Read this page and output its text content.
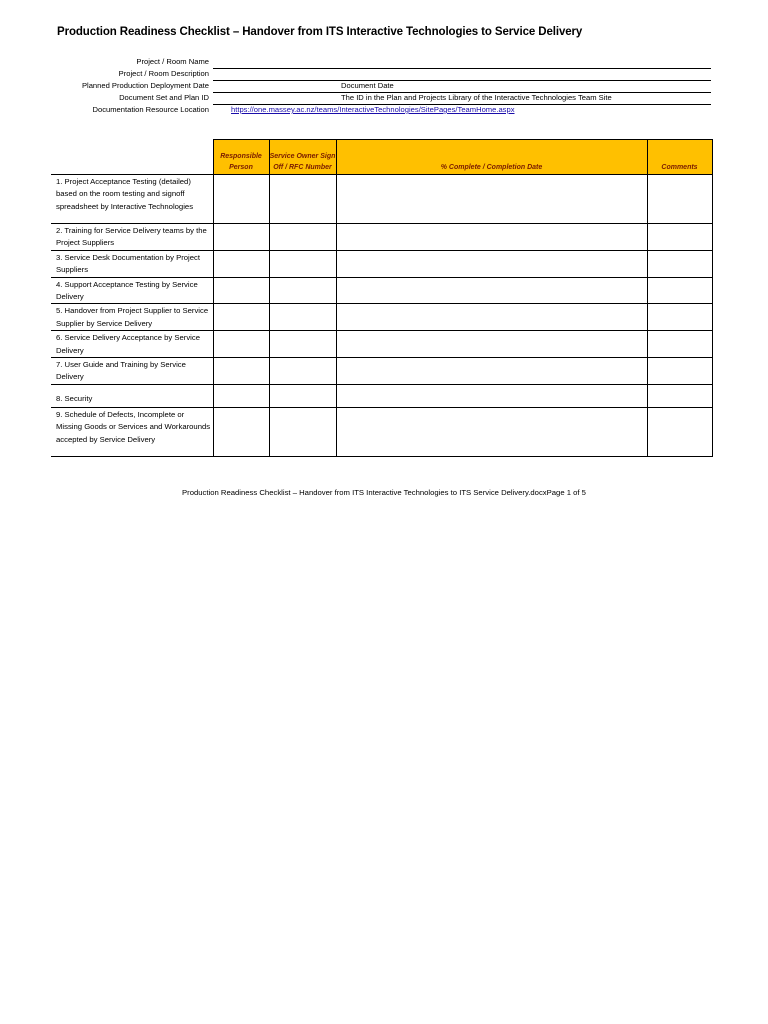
Production Readiness Checklist – Handover from ITS Interactive Technologies to Service Delivery
Project / Room Name
Project / Room Description
Planned Production Deployment Date	Document Date
Document Set and Plan ID	The ID in the Plan and Projects Library of the Interactive Technologies Team Site
Documentation Resource Location	https://one.massey.ac.nz/teams/InteractiveTechnologies/SitePages/TeamHome.aspx
	Responsible Person	Service Owner Sign Off / RFC Number	% Complete / Completion Date	Comments
1. Project Acceptance Testing (detailed) based on the room testing and signoff spreadsheet by Interactive Technologies				
2. Training for Service Delivery teams by the Project Suppliers				
3. Service Desk Documentation by Project Suppliers				
4. Support Acceptance Testing by Service Delivery				
5. Handover from Project Supplier to Service Supplier by Service Delivery				
6. Service Delivery Acceptance by Service Delivery				
7. User Guide and Training by Service Delivery				
8. Security				
9. Schedule of Defects, Incomplete or Missing Goods or Services and Workarounds accepted by Service Delivery				
Production Readiness Checklist – Handover from ITS Interactive Technologies to ITS Service Delivery.docxPage 1 of 5
